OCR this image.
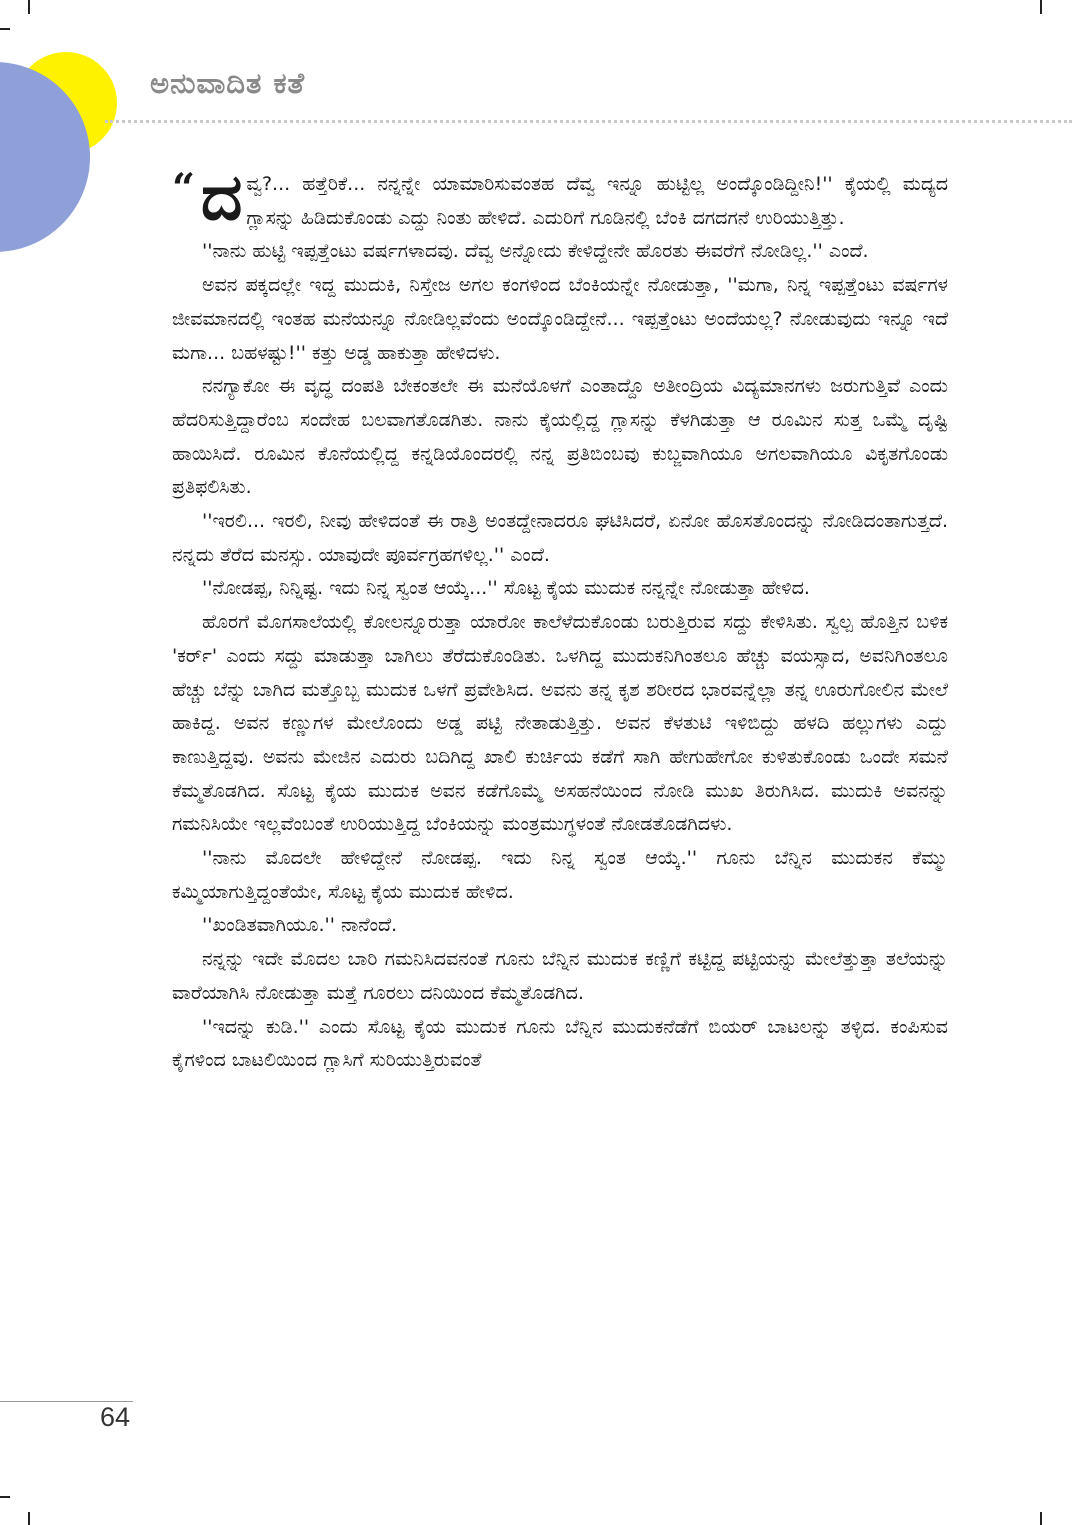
ಅನುವಾದಿತ ಕತೆ

“ ದ ವ್ವ?... ಹತ್ತೆರಿಕೆ... ನನ್ನನ್ನೇ ಯಾಮಾರಿಸುವಂತಹ ದೆವ್ವ ಇನ್ನೂ ಹುಟ್ಟಿಲ್ಲ ಅಂದ್ಕೊಂಡಿದ್ದೀನಿ!'' ಕೈಯಲ್ಲಿ ಮದ್ಯದ ಗ್ಲಾಸನ್ನು ಹಿಡಿದುಕೊಂಡು ಎದ್ದು ನಿಂತು ಹೇಳಿದೆ. ಎದುರಿಗೆ ಗೂಡಿನಲ್ಲಿ ಬೆಂಕಿ ದಗದಗನೆ ಉರಿಯುತ್ತಿತ್ತು.

''ನಾನು ಹುಟ್ಟಿ ಇಪ್ಪತ್ತೆಂಟು ವರ್ಷಗಳಾದವು. ದೆವ್ವ ಅನ್ನೋದು ಕೇಳಿದ್ದೇನೇ ಹೊರತು ಈವರೆಗೆ ನೋಡಿಲ್ಲ.'' ಎಂದೆ.

ಅವನ ಪಕ್ಕದಲ್ಲೇ ಇದ್ದ ಮುದುಕಿ, ನಿಸ್ತೇಜ ಅಗಲ ಕಂಗಳಿಂದ ಬೆಂಕಿಯನ್ನೇ ನೋಡುತ್ತಾ, ''ಮಗಾ, ನಿನ್ನ ಇಪ್ಪತ್ತೆಂಟು ವರ್ಷಗಳ ಜೀವಮಾನದಲ್ಲಿ ಇಂತಹ ಮನೆಯನ್ನೂ ನೋಡಿಲ್ಲವೆಂದು ಅಂದ್ಕೊಂಡಿದ್ದೇನೆ... ಇಪ್ಪತ್ತೆಂಟು ಅಂದೆಯಲ್ಲ? ನೋಡುವುದು ಇನ್ನೂ ಇದೆ ಮಗಾ... ಬಹಳಷ್ಟು!'' ಕತ್ತು ಅಡ್ಡ ಹಾಕುತ್ತಾ ಹೇಳಿದಳು.

ನನಗ್ಯಾಕೋ ಈ ವೃದ್ಧ ದಂಪತಿ ಬೇಕಂತಲೇ ಈ ಮನೆಯೊಳಗೆ ಎಂತಾದ್ದೊ ಅತೀಂದ್ರಿಯ ವಿದ್ಯಮಾನಗಳು ಜರುಗುತ್ತಿವೆ ಎಂದು ಹೆದರಿಸುತ್ತಿದ್ದಾರೆಂಬ ಸಂದೇಹ ಬಲವಾಗತೊಡಗಿತು. ನಾನು ಕೈಯಲ್ಲಿದ್ದ ಗ್ಲಾಸನ್ನು ಕೆಳಗಿಡುತ್ತಾ ಆ ರೂಮಿನ ಸುತ್ತ ಒಮ್ಮೆ ದೃಷ್ಟಿ ಹಾಯಿಸಿದೆ. ರೂಮಿನ ಕೊನೆಯಲ್ಲಿದ್ದ ಕನ್ನಡಿಯೊಂದರಲ್ಲಿ ನನ್ನ ಪ್ರತಿಬಿಂಬವು ಕುಬ್ಜವಾಗಿಯೂ ಅಗಲವಾಗಿಯೂ ವಿಕೃತಗೊಂಡು ಪ್ರತಿಫಲಿಸಿತು.

''ಇರಲಿ... ಇರಲಿ, ನೀವು ಹೇಳಿದಂತೆ ಈ ರಾತ್ರಿ ಅಂತದ್ದೇನಾದರೂ ಘಟಿಸಿದರೆ, ಏನೋ ಹೊಸತೊಂದನ್ನು ನೋಡಿದಂತಾಗುತ್ತದೆ. ನನ್ನದು ತೆರೆದ ಮನಸ್ಸು. ಯಾವುದೇ ಪೂರ್ವಗ್ರಹಗಳಿಲ್ಲ.'' ಎಂದೆ.

''ನೋಡಪ್ಪ, ನಿನ್ನಿಷ್ಟ. ಇದು ನಿನ್ನ ಸ್ವಂತ ಆಯ್ಕೆ...'' ಸೊಟ್ಟ ಕೈಯ ಮುದುಕ ನನ್ನನ್ನೇ ನೋಡುತ್ತಾ ಹೇಳಿದ.

ಹೊರಗೆ ಮೊಗಸಾಲೆಯಲ್ಲಿ ಕೋಲನ್ನೂರುತ್ತಾ ಯಾರೋ ಕಾಲೆಳೆದುಕೊಂಡು ಬರುತ್ತಿರುವ ಸದ್ದು ಕೇಳಿಸಿತು. ಸ್ವಲ್ಪ ಹೊತ್ತಿನ ಬಳಿಕ 'ಕರ್ರ್' ಎಂದು ಸದ್ದು ಮಾಡುತ್ತಾ ಬಾಗಿಲು ತೆರೆದುಕೊಂಡಿತು. ಒಳಗಿದ್ದ ಮುದುಕನಿಗಿಂತಲೂ ಹೆಚ್ಚು ವಯಸ್ಸಾದ, ಅವನಿಗಿಂತಲೂ ಹೆಚ್ಚು ಬೆನ್ನು ಬಾಗಿದ ಮತ್ತೊಬ್ಬ ಮುದುಕ ಒಳಗೆ ಪ್ರವೇಶಿಸಿದ. ಅವನು ತನ್ನ ಕೃಶ ಶರೀರದ ಭಾರವನ್ನೆಲ್ಲಾ ತನ್ನ ಊರುಗೋಲಿನ ಮೇಲೆ ಹಾಕಿದ್ದ. ಅವನ ಕಣ್ಣುಗಳ ಮೇಲೊಂದು ಅಡ್ಡ ಪಟ್ಟಿ ನೇತಾಡುತ್ತಿತ್ತು. ಅವನ ಕೆಳತುಟಿ ಇಳಿಬಿದ್ದು ಹಳದಿ ಹಲ್ಲುಗಳು ಎದ್ದು ಕಾಣುತ್ತಿದ್ದವು. ಅವನು ಮೇಜಿನ ಎದುರು ಬದಿಗಿದ್ದ ಖಾಲಿ ಕುರ್ಚಿಯ ಕಡೆಗೆ ಸಾಗಿ ಹೇಗುಹೇಗೋ ಕುಳಿತುಕೊಂಡು ಒಂದೇ ಸಮನೆ ಕೆಮ್ಮತೊಡಗಿದ. ಸೊಟ್ಟ ಕೈಯ ಮುದುಕ ಅವನ ಕಡೆಗೊಮ್ಮೆ ಅಸಹನೆಯಿಂದ ನೋಡಿ ಮುಖ ತಿರುಗಿಸಿದ. ಮುದುಕಿ ಅವನನ್ನು ಗಮನಿಸಿಯೇ ಇಲ್ಲವೆಂಬಂತೆ ಉರಿಯುತ್ತಿದ್ದ ಬೆಂಕಿಯನ್ನು ಮಂತ್ರಮುಗ್ಧಳಂತೆ ನೋಡತೊಡಗಿದಳು.

''ನಾನು ಮೊದಲೇ ಹೇಳಿದ್ದೇನೆ ನೋಡಪ್ಪ. ಇದು ನಿನ್ನ ಸ್ವಂತ ಆಯ್ಕೆ.'' ಗೂನು ಬೆನ್ನಿನ ಮುದುಕನ ಕೆಮ್ಮು ಕಮ್ಮಿಯಾಗುತ್ತಿದ್ದಂತೆಯೇ, ಸೊಟ್ಟ ಕೈಯ ಮುದುಕ ಹೇಳಿದ.

''ಖಂಡಿತವಾಗಿಯೂ.'' ನಾನೆಂದೆ.

ನನ್ನನ್ನು ಇದೇ ಮೊದಲ ಬಾರಿ ಗಮನಿಸಿದವನಂತೆ ಗೂನು ಬೆನ್ನಿನ ಮುದುಕ ಕಣ್ಣಿಗೆ ಕಟ್ಟಿದ್ದ ಪಟ್ಟಿಯನ್ನು ಮೇಲೆತ್ತುತ್ತಾ ತಲೆಯನ್ನು ವಾರೆಯಾಗಿಸಿ ನೋಡುತ್ತಾ ಮತ್ತೆ ಗೂರಲು ದನಿಯಿಂದ ಕೆಮ್ಮತೊಡಗಿದ.

''ಇದನ್ನು ಕುಡಿ.'' ಎಂದು ಸೊಟ್ಟ ಕೈಯ ಮುದುಕ ಗೂನು ಬೆನ್ನಿನ ಮುದುಕನೆಡೆಗೆ ಬಿಯರ್ ಬಾಟಲನ್ನು ತಳ್ಳಿದ. ಕಂಪಿಸುವ ಕೈಗಳಿಂದ ಬಾಟಲಿಯಿಂದ ಗ್ಲಾಸಿಗೆ ಸುರಿಯುತ್ತಿರುವಂತೆ

64
